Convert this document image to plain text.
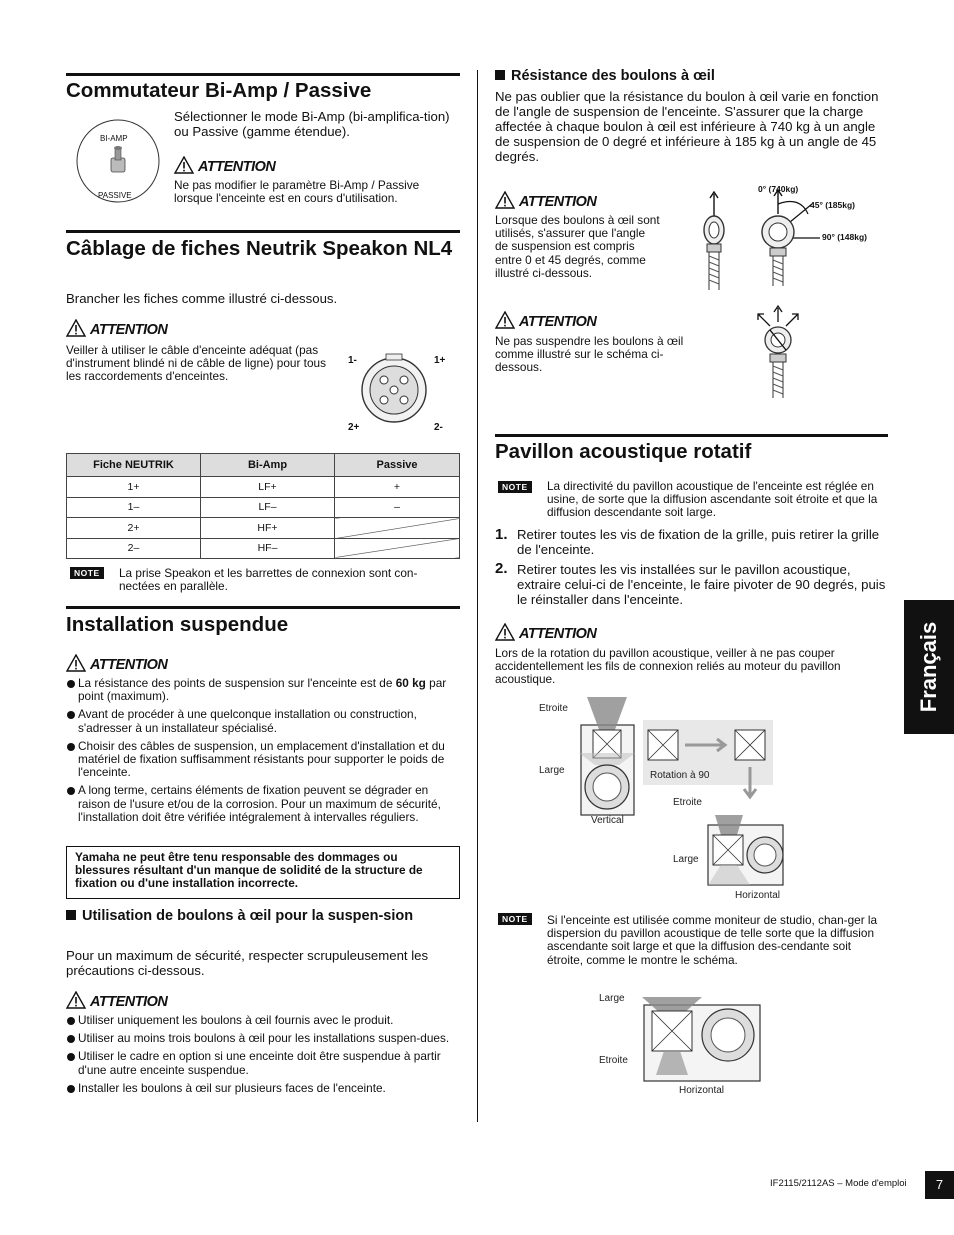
Commutateur Bi-Amp / Passive
BI-AMP
PASSIVE
Sélectionner le mode Bi-Amp (bi-amplifica-tion) ou Passive (gamme étendue).
ATTENTION
Ne pas modifier le paramètre Bi-Amp / Passive lorsque l'enceinte est en cours d'utilisation.
Câblage de fiches Neutrik Speakon NL4
Brancher les fiches comme illustré ci-dessous.
ATTENTION
Veiller à utiliser le câble d'enceinte adéquat (pas d'instrument blindé ni de câble de ligne) pour tous les raccordements d'enceintes.
1-	1+
2+	2-
Fiche NEUTRIK	Bi-Amp	Passive
1+	LF+	+
1–	LF–	–
2+	HF+	
2–	HF–	
NOTE	La prise Speakon et les barrettes de connexion sont con-nectées en parallèle.
Installation suspendue
ATTENTION
La résistance des points de suspension sur l'enceinte est de 60 kg par point (maximum).
Avant de procéder à une quelconque installation ou construction, s'adresser à un installateur spécialisé.
Choisir des câbles de suspension, un emplacement d'installation et du matériel de fixation suffisamment résistants pour supporter le poids de l'enceinte.
A long terme, certains éléments de fixation peuvent se dégrader en raison de l'usure et/ou de la corrosion. Pour un maximum de sécurité, l'installation doit être vérifiée intégralement à intervalles réguliers.
Yamaha ne peut être tenu responsable des dommages ou blessures résultant d'un manque de solidité de la structure de fixation ou d'une installation incorrecte.
Utilisation de boulons à œil pour la suspen-sion
Pour un maximum de sécurité, respecter scrupuleusement les précautions ci-dessous.
ATTENTION
Utiliser uniquement les boulons à œil fournis avec le produit.
Utiliser au moins trois boulons à œil pour les installations suspen-dues.
Utiliser le cadre en option si une enceinte doit être suspendue à partir d'une autre enceinte suspendue.
Installer les boulons à œil sur plusieurs faces de l'enceinte.
Résistance des boulons à œil
Ne pas oublier que la résistance du boulon à œil varie en fonction de l'angle de suspension de l'enceinte. S'assurer que la charge affectée à chaque boulon à œil est inférieure à 740 kg à un angle de suspension de 0 degré et inférieure à 185 kg à un angle de 45 degrés.
0° (740kg)
45° (185kg)
90° (148kg)
ATTENTION
Lorsque des boulons à œil sont utilisés, s'assurer que l'angle de suspension est compris entre 0 et 45 degrés, comme illustré ci-dessous.
ATTENTION
Ne pas suspendre les boulons à œil comme illustré sur le schéma ci-dessous.
Pavillon acoustique rotatif
NOTE	La directivité du pavillon acoustique de l'enceinte est réglée en usine, de sorte que la diffusion ascendante soit étroite et que la diffusion descendante soit large.
1. Retirer toutes les vis de fixation de la grille, puis retirer la grille de l'enceinte.
2. Retirer toutes les vis installées sur le pavillon acoustique, extraire celui-ci de l'enceinte, le faire pivoter de 90 degrés, puis le réinstaller dans l'enceinte.
ATTENTION
Lors de la rotation du pavillon acoustique, veiller à ne pas couper accidentellement les fils de connexion reliés au moteur du pavillon acoustique.
Etroite
Large
Vertical
Rotation à 90
Etroite
Large
Horizontal
NOTE	Si l'enceinte est utilisée comme moniteur de studio, chan-ger la dispersion du pavillon acoustique de telle sorte que la diffusion ascendante soit large et que la diffusion des-cendante soit étroite, comme le montre le schéma.
Large
Etroite
Horizontal
Français
IF2115/2112AS – Mode d'emploi	7
